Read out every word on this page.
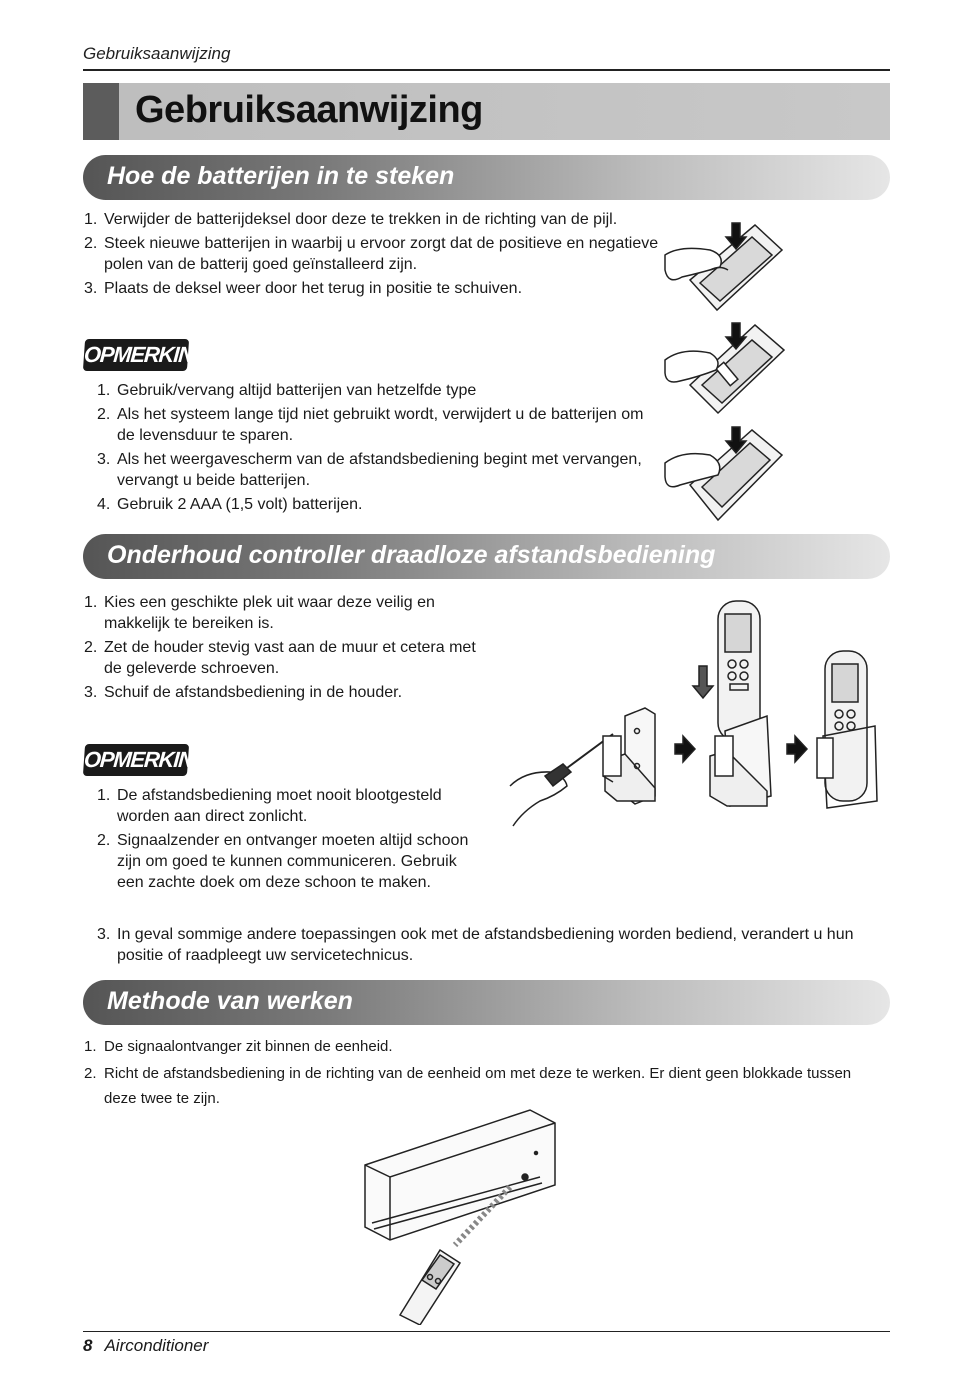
Gebruiksaanwijzing
Gebruiksaanwijzing
Hoe de batterijen in te steken
1. Verwijder de batterijdeksel door deze te trekken in de richting van de pijl.
2. Steek nieuwe batterijen in waarbij u ervoor zorgt dat de positieve en negatieve polen van de batterij goed geïnstalleerd zijn.
3. Plaats de deksel weer door het terug in positie te schuiven.
OPMERKING
1. Gebruik/vervang altijd batterijen van hetzelfde type
2. Als het systeem lange tijd niet gebruikt wordt, verwijdert u de batterijen om de levensduur te sparen.
3. Als het weergavescherm van de afstandsbediening begint met vervangen, vervangt u beide batterijen.
4. Gebruik 2 AAA (1,5 volt) batterijen.
Onderhoud controller draadloze afstandsbediening
1. Kies een geschikte plek uit waar deze veilig en makkelijk te bereiken is.
2. Zet de houder stevig vast aan de muur et cetera met de geleverde schroeven.
3. Schuif de afstandsbediening in de houder.
OPMERKING
1. De afstandsbediening moet nooit blootgesteld worden aan direct zonlicht.
2. Signaalzender en ontvanger moeten altijd schoon zijn om goed te kunnen communiceren. Gebruik een zachte doek om deze schoon te maken.
3. In geval sommige andere toepassingen ook met de afstandsbediening worden bediend, verandert u hun positie of raadpleegt uw servicetechnicus.
Methode van werken
1. De signaalontvanger zit binnen de eenheid.
2. Richt de afstandsbediening in de richting van de eenheid om met deze te werken. Er dient geen blokkade tussen deze twee te zijn.
8 Airconditioner
